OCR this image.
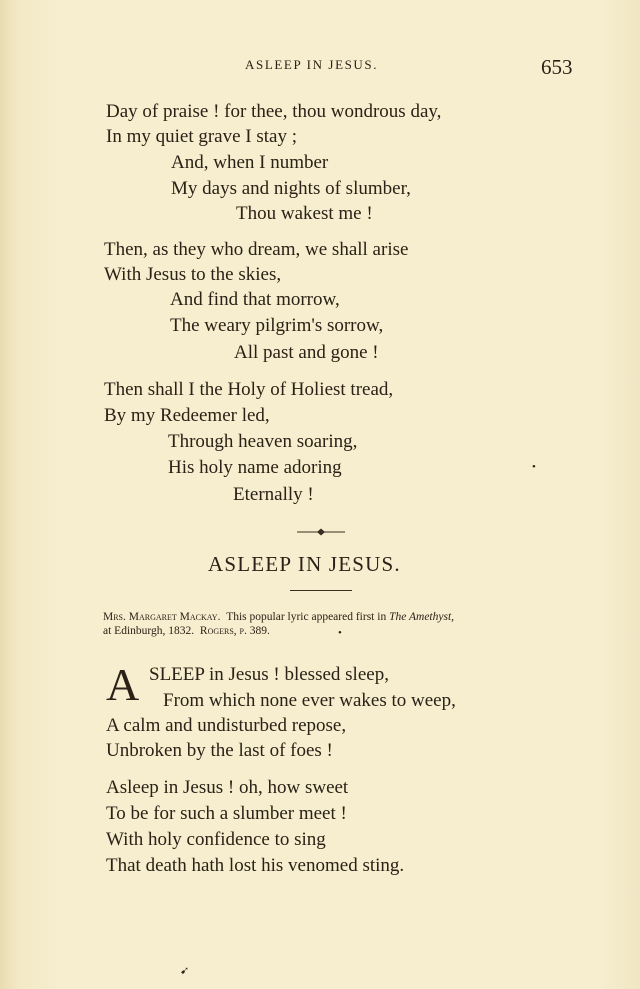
ASLEEP IN JESUS.	653
Day of praise ! for thee, thou wondrous day,
In my quiet grave I stay ;
And, when I number
My days and nights of slumber,
Thou wakest me !
Then, as they who dream, we shall arise
With Jesus to the skies,
And find that morrow,
The weary pilgrim's sorrow,
All past and gone !
Then shall I the Holy of Holiest tread,
By my Redeemer led,
Through heaven soaring,
His holy name adoring
Eternally !
•
ASLEEP IN JESUS.
Mrs. Margaret Mackay. This popular lyric appeared first in The Amethyst,
at Edinburgh, 1832. Rogers, p. 389.	•
A SLEEP in Jesus ! blessed sleep,
From which none ever wakes to weep,
A calm and undisturbed repose,
Unbroken by the last of foes !
Asleep in Jesus ! oh, how sweet
To be for such a slumber meet !
With holy confidence to sing
That death hath lost his venomed sting.
➹
